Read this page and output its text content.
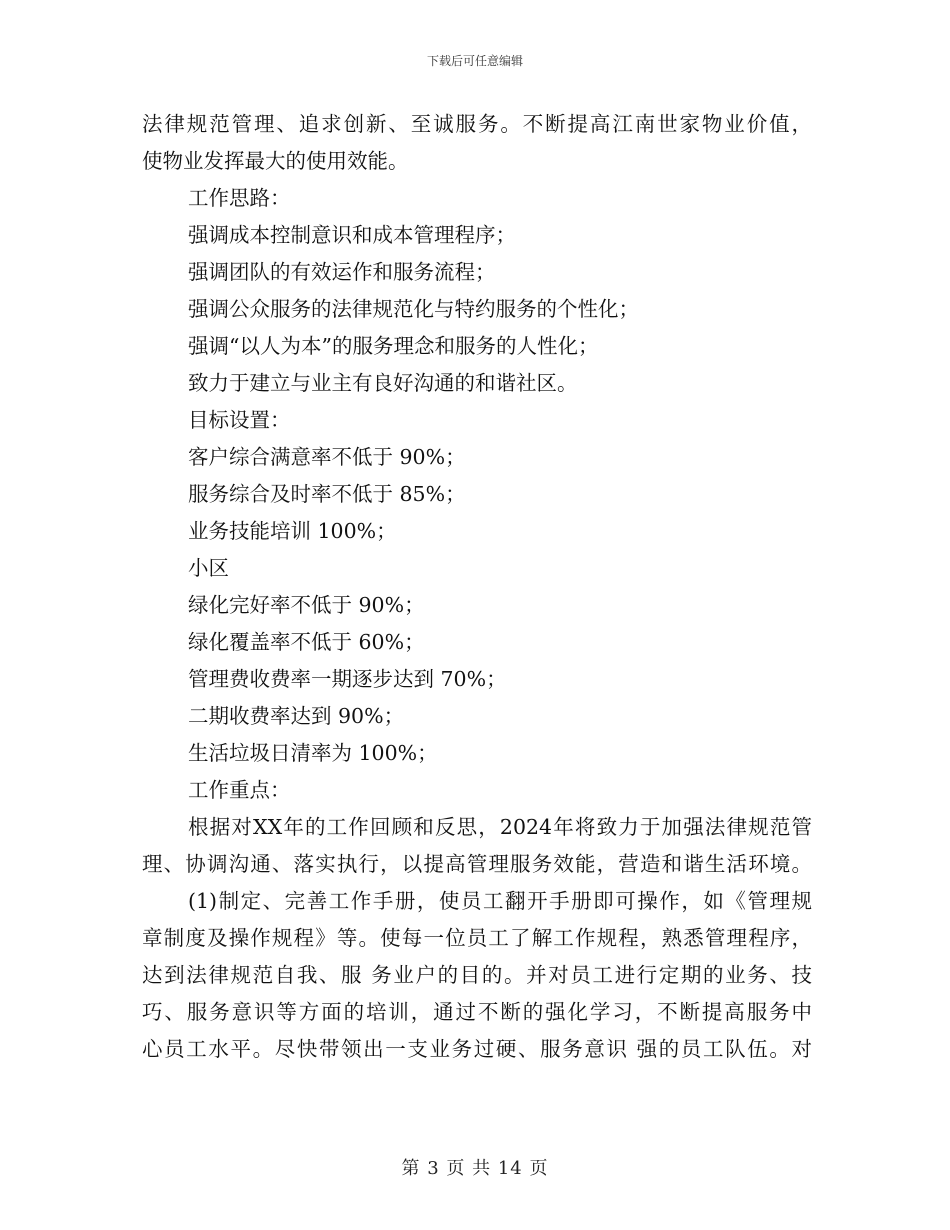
下载后可任意编辑
法律规范管理、追求创新、至诚服务。不断提高江南世家物业价值，
使物业发挥最大的使用效能。
工作思路：
强调成本控制意识和成本管理程序；
强调团队的有效运作和服务流程；
强调公众服务的法律规范化与特约服务的个性化；
强调“以人为本”的服务理念和服务的人性化；
致力于建立与业主有良好沟通的和谐社区。
目标设置：
客户综合满意率不低于 90%；
服务综合及时率不低于 85%；
业务技能培训 100%；
小区
绿化完好率不低于 90%；
绿化覆盖率不低于 60%；
管理费收费率一期逐步达到 70%；
二期收费率达到 90%；
生活垃圾日清率为 100%；
工作重点：
根据对XX年的工作回顾和反思，2024年将致力于加强法律规范管
理、协调沟通、落实执行，以提高管理服务效能，营造和谐生活环境。
(1)制定、完善工作手册，使员工翻开手册即可操作，如《管理规
章制度及操作规程》等。使每一位员工了解工作规程，熟悉管理程序，
达到法律规范自我、服 务业户的目的。并对员工进行定期的业务、技
巧、服务意识等方面的培训，通过不断的强化学习，不断提高服务中
心员工水平。尽快带领出一支业务过硬、服务意识 强的员工队伍。对
第 3 页 共 14 页
